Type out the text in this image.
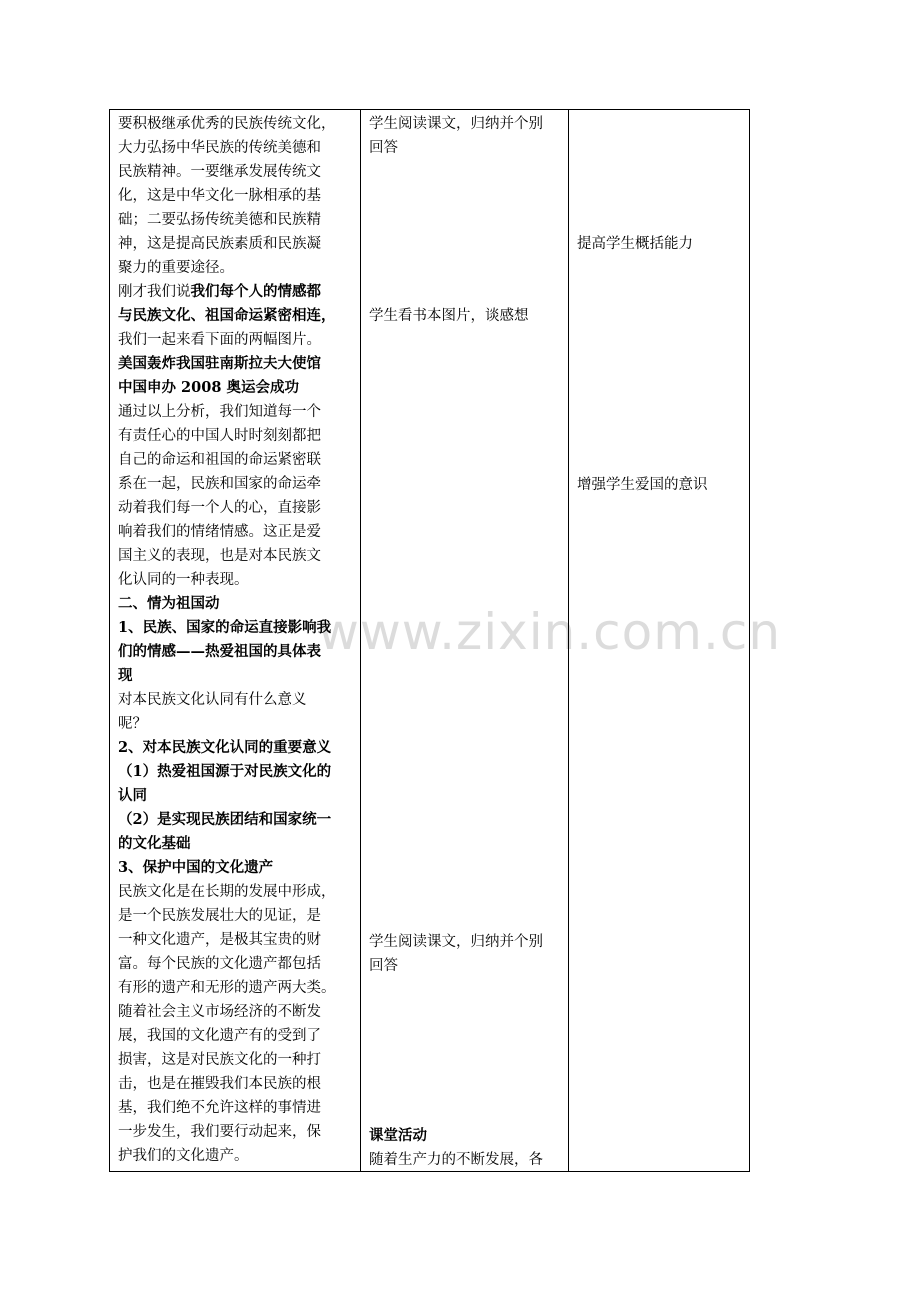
www.zixin.com.cn
要积极继承优秀的民族传统文化，
大力弘扬中华民族的传统美德和
民族精神。一要继承发展传统文
化，这是中华文化一脉相承的基
础；二要弘扬传统美德和民族精
神，这是提高民族素质和民族凝
聚力的重要途径。
刚才我们说我们每个人的情感都
与民族文化、祖国命运紧密相连，
我们一起来看下面的两幅图片。
美国轰炸我国驻南斯拉夫大使馆
中国申办 2008 奥运会成功
通过以上分析，我们知道每一个
有责任心的中国人时时刻刻都把
自己的命运和祖国的命运紧密联
系在一起，民族和国家的命运牵
动着我们每一个人的心，直接影
响着我们的情绪情感。这正是爱
国主义的表现，也是对本民族文
化认同的一种表现。
二、情为祖国动
1、民族、国家的命运直接影响我
们的情感——热爱祖国的具体表
现
对本民族文化认同有什么意义
呢？
2、对本民族文化认同的重要意义
（1）热爱祖国源于对民族文化的
认同
（2）是实现民族团结和国家统一
的文化基础
3、保护中国的文化遗产
民族文化是在长期的发展中形成，
是一个民族发展壮大的见证，是
一种文化遗产，是极其宝贵的财
富。每个民族的文化遗产都包括
有形的遗产和无形的遗产两大类。
随着社会主义市场经济的不断发
展，我国的文化遗产有的受到了
损害，这是对民族文化的一种打
击，也是在摧毁我们本民族的根
基，我们绝不允许这样的事情进
一步发生，我们要行动起来，保
护我们的文化遗产。
学生阅读课文，归纳并个别
回答
学生看书本图片，谈感想
学生阅读课文，归纳并个别
回答
课堂活动
随着生产力的不断发展，各
提高学生概括能力
增强学生爱国的意识
